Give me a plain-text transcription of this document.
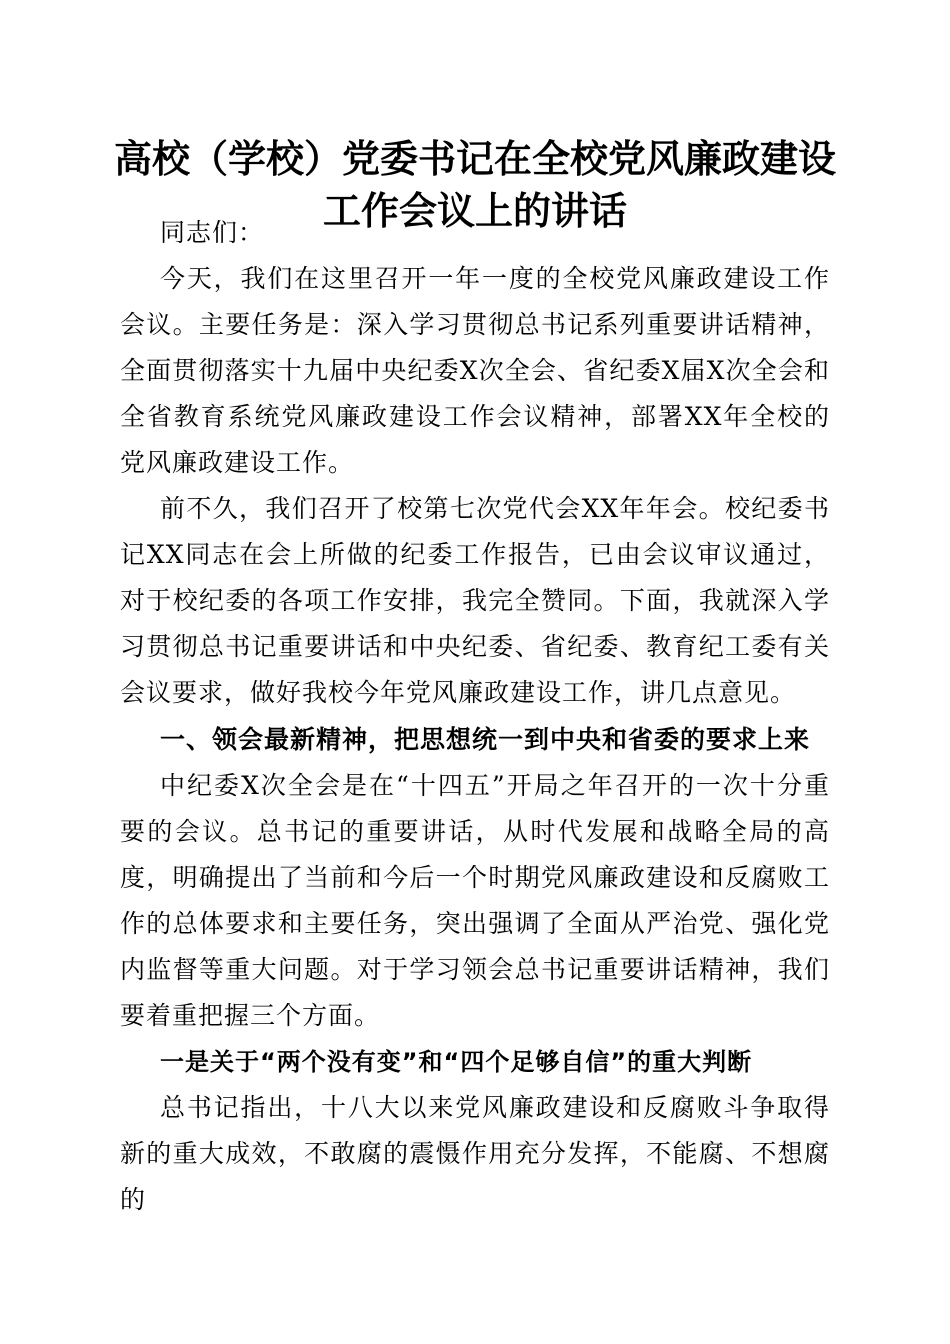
高校（学校）党委书记在全校党风廉政建设工作会议上的讲话

同志们：

今天，我们在这里召开一年一度的全校党风廉政建设工作会议。主要任务是：深入学习贯彻总书记系列重要讲话精神，全面贯彻落实十九届中央纪委X次全会、省纪委X届X次全会和全省教育系统党风廉政建设工作会议精神，部署XX年全校的党风廉政建设工作。

前不久，我们召开了校第七次党代会XX年年会。校纪委书记XX同志在会上所做的纪委工作报告，已由会议审议通过，对于校纪委的各项工作安排，我完全赞同。下面，我就深入学习贯彻总书记重要讲话和中央纪委、省纪委、教育纪工委有关会议要求，做好我校今年党风廉政建设工作，讲几点意见。

一、领会最新精神，把思想统一到中央和省委的要求上来

中纪委X次全会是在“十四五”开局之年召开的一次十分重要的会议。总书记的重要讲话，从时代发展和战略全局的高度，明确提出了当前和今后一个时期党风廉政建设和反腐败工作的总体要求和主要任务，突出强调了全面从严治党、强化党内监督等重大问题。对于学习领会总书记重要讲话精神，我们要着重把握三个方面。

一是关于“两个没有变”和“四个足够自信”的重大判断

总书记指出，十八大以来党风廉政建设和反腐败斗争取得新的重大成效，不敢腐的震慑作用充分发挥，不能腐、不想腐的
